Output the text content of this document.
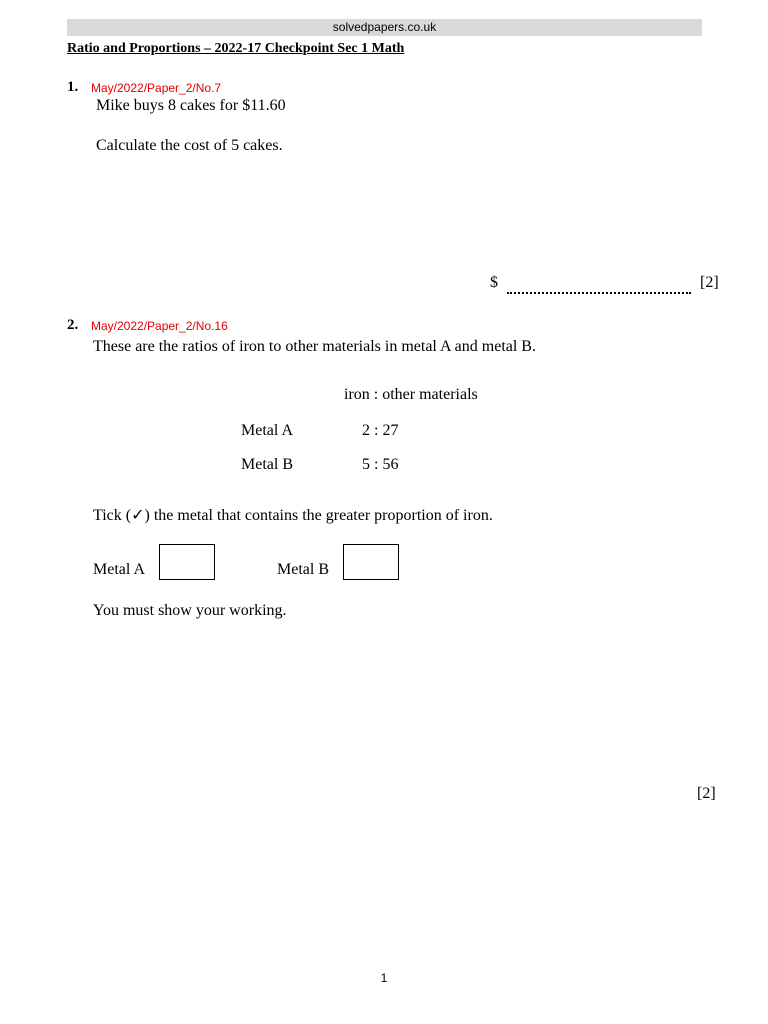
solvedpapers.co.uk
Ratio and Proportions – 2022-17 Checkpoint Sec 1 Math
1. May/2022/Paper_2/No.7
Mike buys 8 cakes for $11.60
Calculate the cost of 5 cakes.
$	[2]
2. May/2022/Paper_2/No.16
These are the ratios of iron to other materials in metal A and metal B.
iron : other materials
Metal A	2 : 27
Metal B	5 : 56
Tick (✓) the metal that contains the greater proportion of iron.
Metal A	Metal B
You must show your working.
[2]
1
